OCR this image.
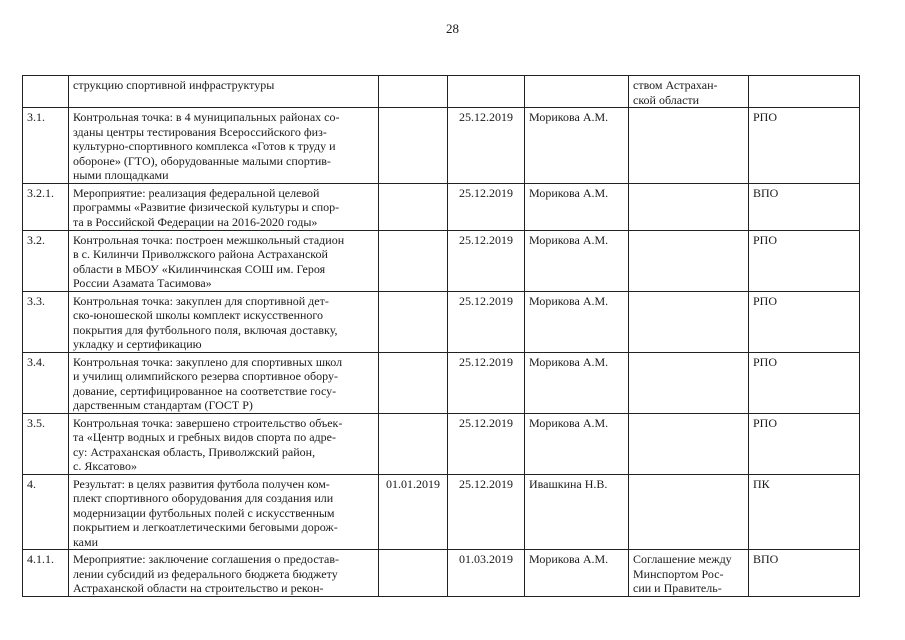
28
	струкцию спортивной инфраструктуры				ством Астрахан-
ской области	
3.1.	Контрольная точка: в 4 муниципальных районах со-
зданы центры тестирования Всероссийского физ-
культурно-спортивного комплекса «Готов к труду и
обороне» (ГТО), оборудованные малыми спортив-
ными площадками		25.12.2019	Морикова А.М.		РПО
3.2.1.	Мероприятие: реализация федеральной целевой
программы «Развитие физической культуры и спор-
та в Российской Федерации на 2016-2020 годы»		25.12.2019	Морикова А.М.		ВПО
3.2.	Контрольная точка: построен межшкольный стадион
в с. Килинчи Приволжского района Астраханской
области в МБОУ «Килинчинская СОШ им. Героя
России Азамата Тасимова»		25.12.2019	Морикова А.М.		РПО
3.3.	Контрольная точка: закуплен для спортивной дет-
ско-юношеской школы комплект искусственного
покрытия для футбольного поля, включая доставку,
укладку и сертификацию		25.12.2019	Морикова А.М.		РПО
3.4.	Контрольная точка: закуплено для спортивных школ
и училищ олимпийского резерва спортивное обору-
дование, сертифицированное на соответствие госу-
дарственным стандартам (ГОСТ Р)		25.12.2019	Морикова А.М.		РПО
3.5.	Контрольная точка: завершено строительство объек-
та «Центр водных и гребных видов спорта по адре-
су: Астраханская область, Приволжский район,
с. Яксатово»		25.12.2019	Морикова А.М.		РПО
4.	Результат: в целях развития футбола получен ком-
плект спортивного оборудования для создания или
модернизации футбольных полей с искусственным
покрытием и легкоатлетическими беговыми дорож-
ками	01.01.2019	25.12.2019	Ивашкина Н.В.		ПК
4.1.1.	Мероприятие: заключение соглашения о предостав-
лении субсидий из федерального бюджета бюджету
Астраханской области на строительство и рекон-		01.03.2019	Морикова А.М.	Соглашение между
Минспортом Рос-
сии и Правитель-	ВПО
